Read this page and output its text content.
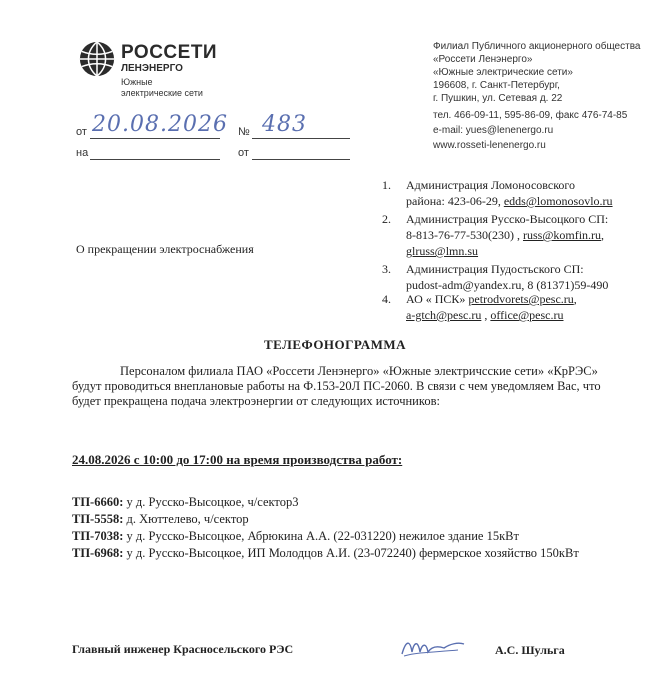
РОССЕТИ
ЛЕНЭНЕРГО
Южные
электрические сети
Филиал Публичного акционерного общества
«Россети Ленэнерго»
«Южные электрические сети»
196608, г. Санкт-Петербург,
г. Пушкин, ул. Сетевая д. 22
тел. 466-09-11, 595-86-09, факс 476-74-85
e-mail: yues@lenenergo.ru
www.rosseti-lenenergo.ru
от 20.08.2026 № 483
на	от
1. Администрация Ломоносовского
района: 423-06-29, edds@lomonosovlo.ru
2. Администрация Русско-Высоцкого СП:
8-813-76-77-530(230) , russ@komfin.ru,
glruss@lmn.su
3. Администрация Пудостьского СП:
pudost-adm@yandex.ru, 8 (81371)59-490
4. АО « ПСК» petrodvorets@pesc.ru,
a-gtch@pesc.ru , office@pesc.ru
О прекращении электроснабжения
ТЕЛЕФОНОГРАММА
Персоналом филиала ПАО «Россети Ленэнерго» «Южные электричсские сети» «КрРЭС»
будут проводиться внеплановые работы на Ф.153-20Л ПС-2060. В связи с чем уведомляем Вас, что
будет прекращена подача электроэнергии от следующих источников:
24.08.2026 с 10:00 до 17:00 на время производства работ:
ТП-6660: у д. Русско-Высоцкое, ч/сектор3
ТП-5558: д. Хюттелево, ч/сектор
ТП-7038: у д. Русско-Высоцкое, Абрюкина А.А. (22-031220) нежилое здание 15кВт
ТП-6968: у д. Русско-Высоцкое, ИП Молодцов А.И. (23-072240) фермерское хозяйство 150кВт
Главный инженер Красносельского РЭС	А.С. Шульга
